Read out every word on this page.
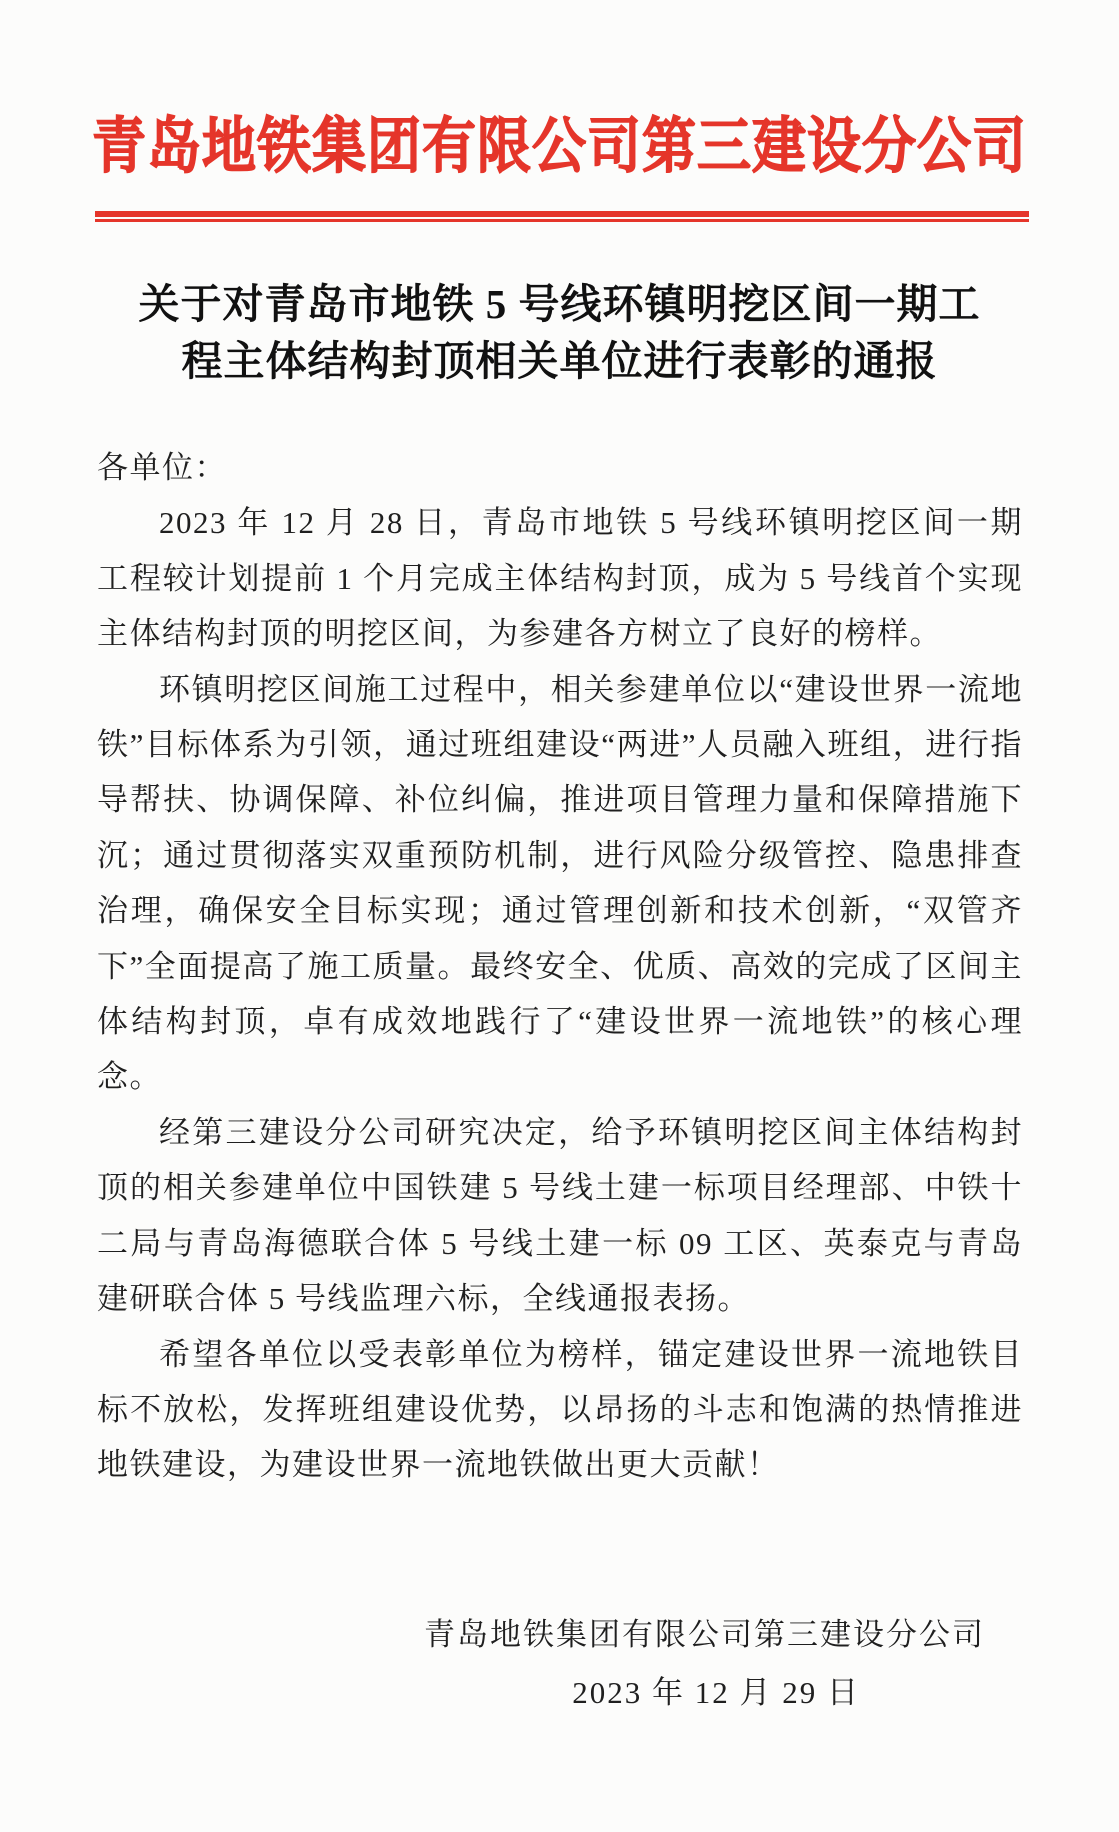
青岛地铁集团有限公司第三建设分公司
关于对青岛市地铁 5 号线环镇明挖区间一期工
程主体结构封顶相关单位进行表彰的通报

各单位：

2023 年 12 月 28 日，青岛市地铁 5 号线环镇明挖区间一期工程较计划提前 1 个月完成主体结构封顶，成为 5 号线首个实现主体结构封顶的明挖区间，为参建各方树立了良好的榜样。

环镇明挖区间施工过程中，相关参建单位以“建设世界一流地铁”目标体系为引领，通过班组建设“两进”人员融入班组，进行指导帮扶、协调保障、补位纠偏，推进项目管理力量和保障措施下沉；通过贯彻落实双重预防机制，进行风险分级管控、隐患排查治理，确保安全目标实现；通过管理创新和技术创新，“双管齐下”全面提高了施工质量。最终安全、优质、高效的完成了区间主体结构封顶，卓有成效地践行了“建设世界一流地铁”的核心理念。

经第三建设分公司研究决定，给予环镇明挖区间主体结构封顶的相关参建单位中国铁建 5 号线土建一标项目经理部、中铁十二局与青岛海德联合体 5 号线土建一标 09 工区、英泰克与青岛建研联合体 5 号线监理六标，全线通报表扬。

希望各单位以受表彰单位为榜样，锚定建设世界一流地铁目标不放松，发挥班组建设优势，以昂扬的斗志和饱满的热情推进地铁建设，为建设世界一流地铁做出更大贡献！

青岛地铁集团有限公司第三建设分公司
2023 年 12 月 29 日
